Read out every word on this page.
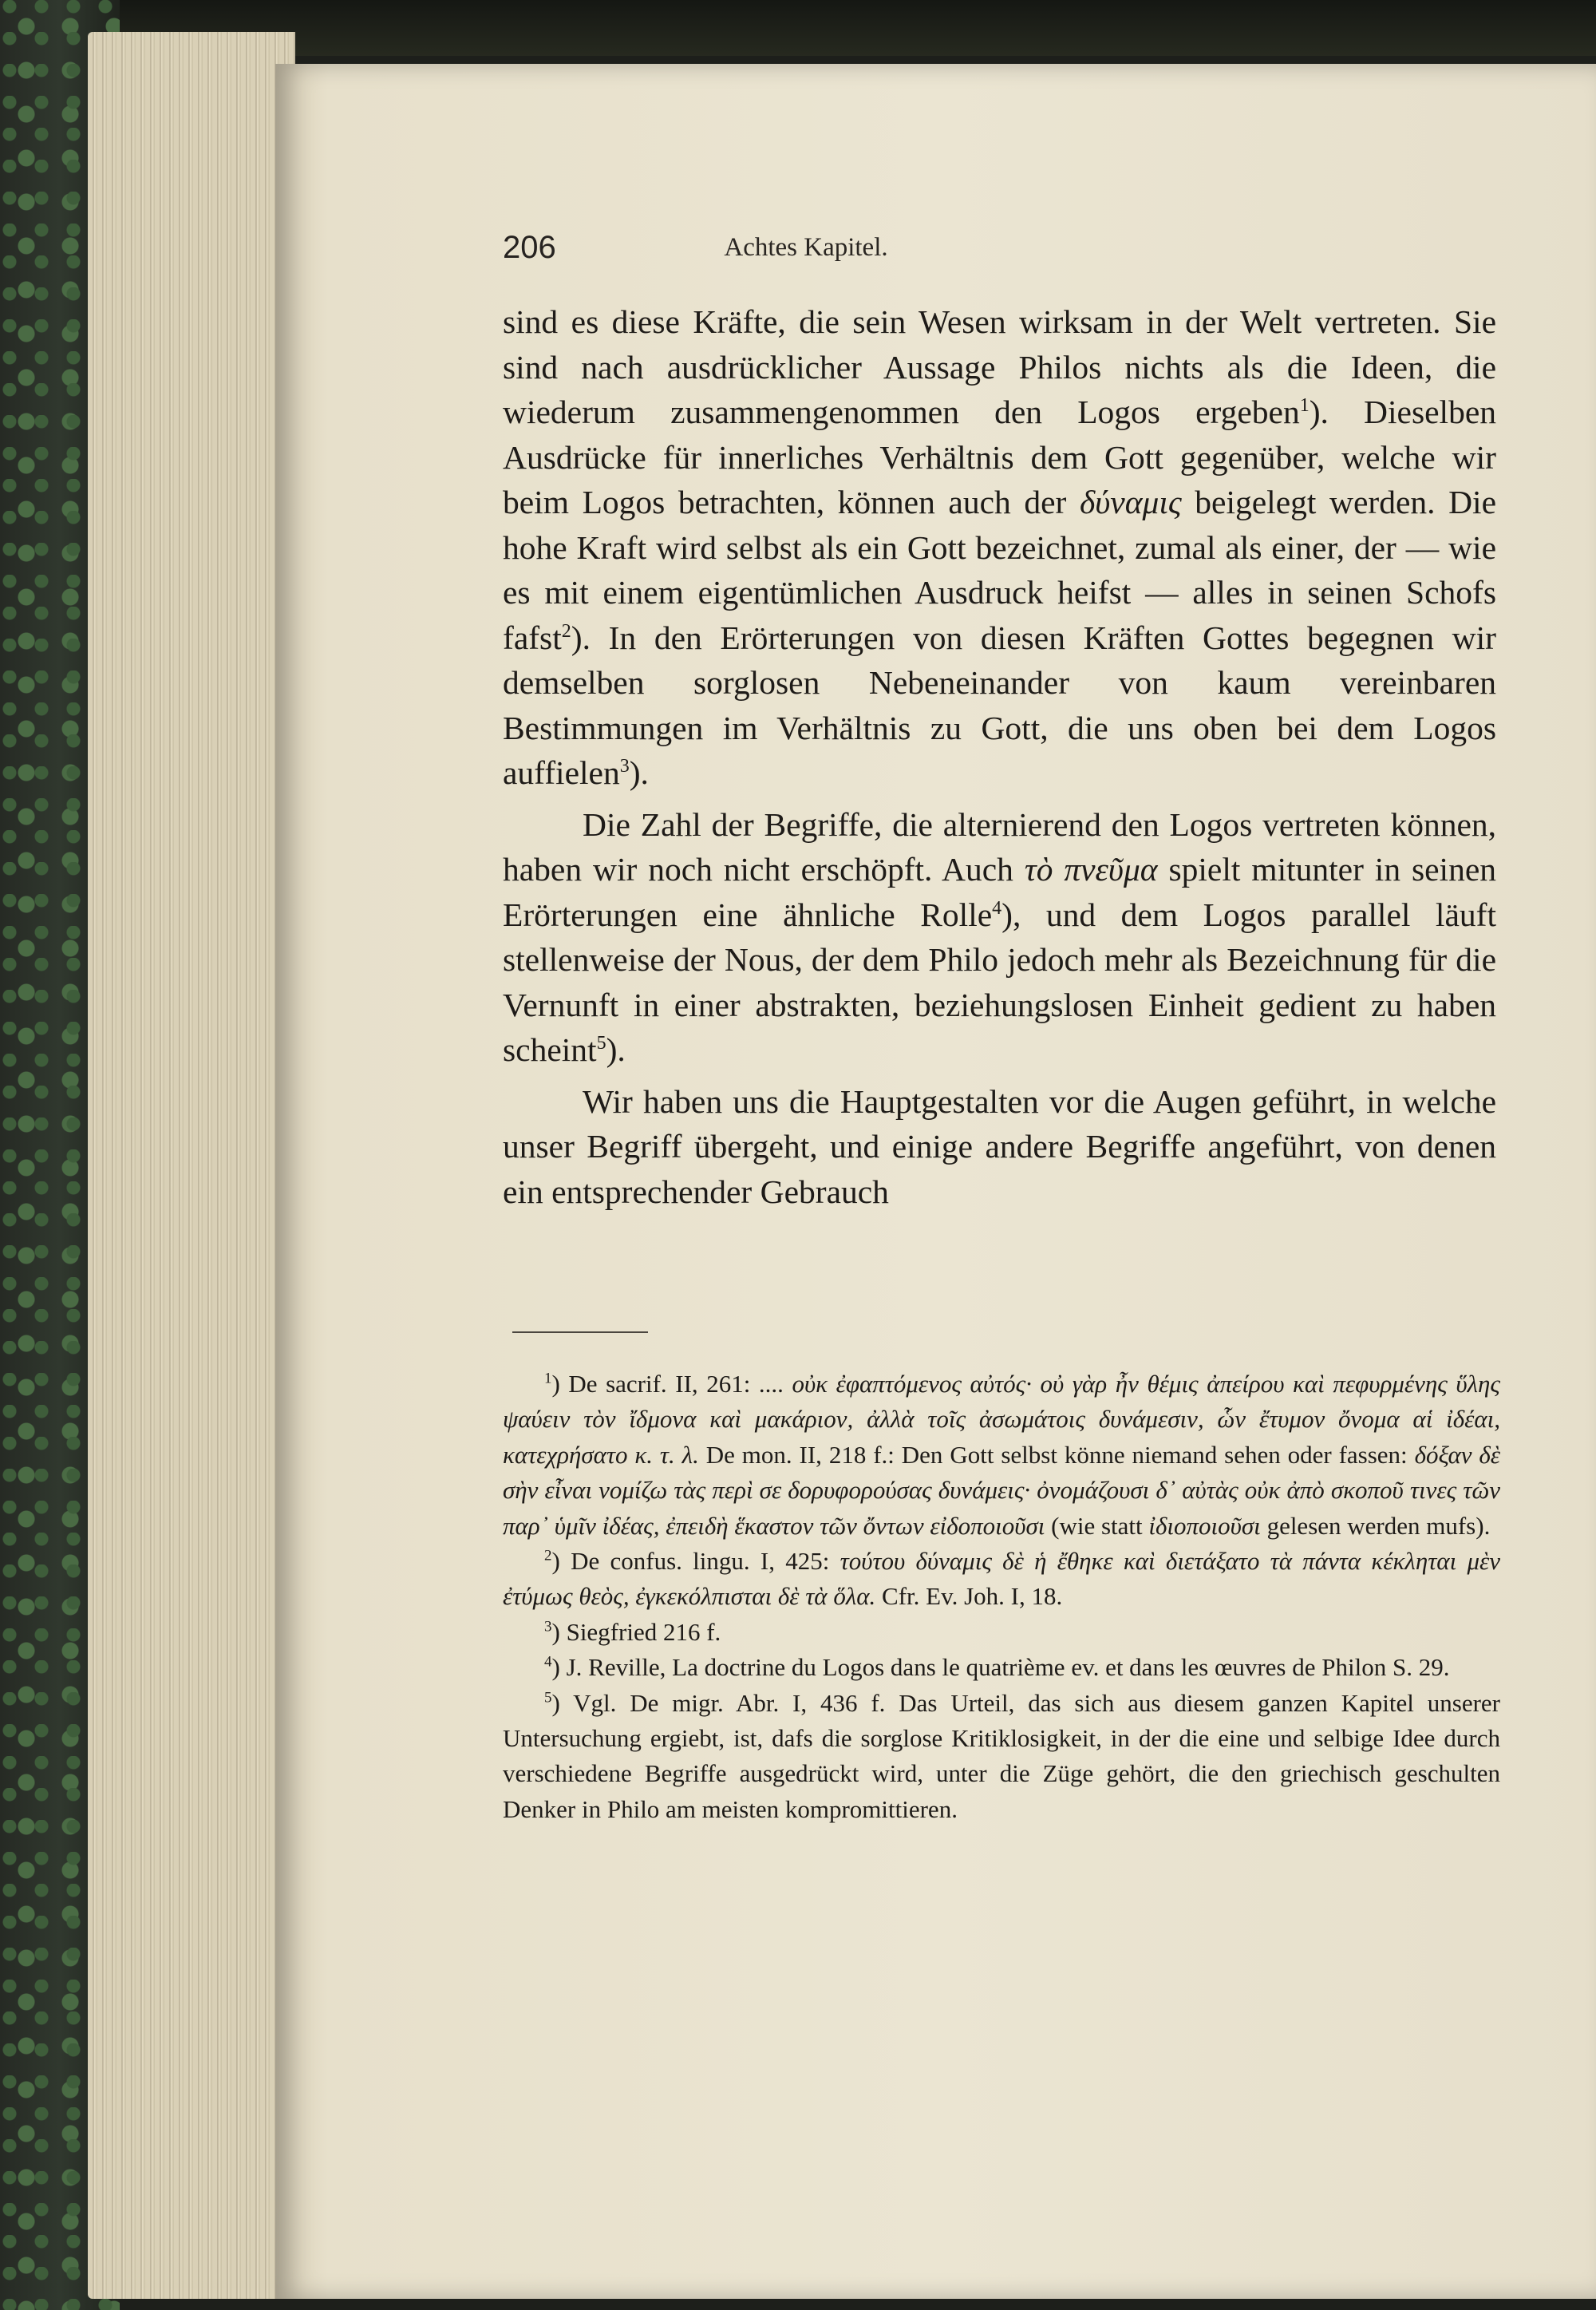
206	Achtes Kapitel.

sind es diese Kräfte, die sein Wesen wirksam in der Welt vertreten. Sie sind nach ausdrücklicher Aussage Philos nichts als die Ideen, die wiederum zusammengenommen den Logos ergeben$^1$). Dieselben Ausdrücke für innerliches Verhältnis dem Gott gegenüber, welche wir beim Logos betrachten, können auch der δύναμις beigelegt werden. Die hohe Kraft wird selbst als ein Gott bezeichnet, zumal als einer, der — wie es mit einem eigentümlichen Ausdruck heifst — alles in seinen Schofs fafst$^2$). In den Erörterungen von diesen Kräften Gottes begegnen wir demselben sorglosen Nebeneinander von kaum vereinbaren Bestimmungen im Verhältnis zu Gott, die uns oben bei dem Logos auffielen$^3$).

Die Zahl der Begriffe, die alternierend den Logos vertreten können, haben wir noch nicht erschöpft. Auch τὸ πνεῦμα spielt mitunter in seinen Erörterungen eine ähnliche Rolle$^4$), und dem Logos parallel läuft stellenweise der Nous, der dem Philo jedoch mehr als Bezeichnung für die Vernunft in einer abstrakten, beziehungslosen Einheit gedient zu haben scheint$^5$).

Wir haben uns die Hauptgestalten vor die Augen geführt, in welche unser Begriff übergeht, und einige andere Begriffe angeführt, von denen ein entsprechender Gebrauch

$^1$) De sacrif. II, 261: .... οὐκ ἐφαπτόμενος αὐτός· οὐ γὰρ ἦν θέμις ἀπείρου καὶ πεφυρμένης ὕλης ψαύειν τὸν ἴδμονα καὶ μακάριον, ἀλλὰ τοῖς ἀσωμάτοις δυνάμεσιν, ὧν ἔτυμον ὄνομα αἱ ἰδέαι, κατεχρήσατο κ. τ. λ. De mon. II, 218 f.: Den Gott selbst könne niemand sehen oder fassen: δόξαν δὲ σὴν εἶναι νομίζω τὰς περὶ σε δορυφορούσας δυνάμεις· ὀνομάζουσι δ᾽ αὐτὰς οὐκ ἀπὸ σκοποῦ τινες τῶν παρ᾽ ὑμῖν ἰδέας, ἐπειδὴ ἕκαστον τῶν ὄντων εἰδοποιοῦσι (wie statt ἰδιοποιοῦσι gelesen werden mufs).

$^2$) De confus. lingu. I, 425: τούτου δύναμις δὲ ἡ ἔθηκε καὶ διετάξατο τὰ πάντα κέκληται μὲν ἐτύμως θεὸς, ἐγκεκόλπισται δὲ τὰ ὅλα. Cfr. Ev. Joh. I, 18.

$^3$) Siegfried 216 f.

$^4$) J. Reville, La doctrine du Logos dans le quatrième ev. et dans les œuvres de Philon S. 29.

$^5$) Vgl. De migr. Abr. I, 436 f. Das Urteil, das sich aus diesem ganzen Kapitel unserer Untersuchung ergiebt, ist, dafs die sorglose Kritiklosigkeit, in der die eine und selbige Idee durch verschiedene Begriffe ausgedrückt wird, unter die Züge gehört, die den griechisch geschulten Denker in Philo am meisten kompromittieren.
